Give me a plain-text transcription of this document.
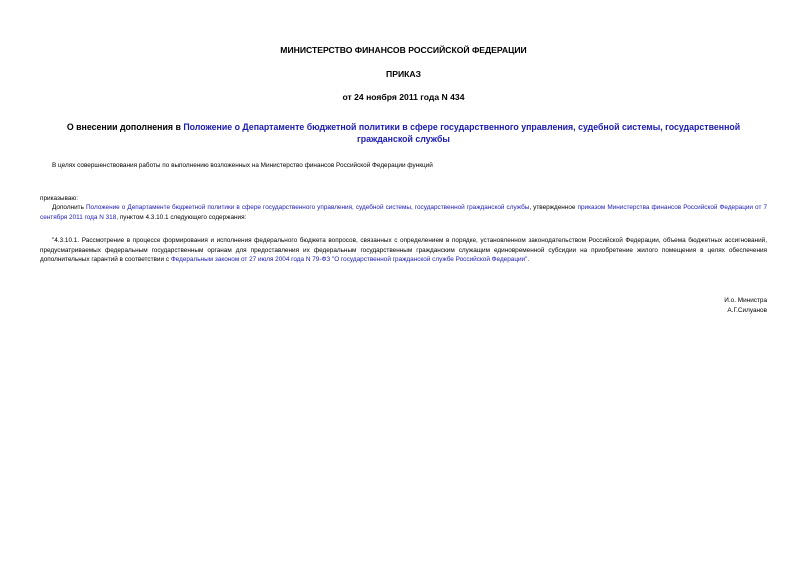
МИНИСТЕРСТВО ФИНАНСОВ РОССИЙСКОЙ ФЕДЕРАЦИИ
ПРИКАЗ
от 24 ноября 2011 года N 434
О внесении дополнения в Положение о Департаменте бюджетной политики в сфере государственного управления, судебной системы, государственной гражданской службы
В целях совершенствования работы по выполнению возложенных на Министерство финансов Российской Федерации функций
приказываю:
Дополнить Положение о Департаменте бюджетной политики в сфере государственного управления, судебной системы, государственной гражданской службы, утвержденное приказом Министерства финансов Российской Федерации от 7 сентября 2011 года N 318, пунктом 4.3.10.1 следующего содержания:
"4.3.10.1. Рассмотрение в процессе формирования и исполнения федерального бюджета вопросов, связанных с определением в порядке, установленном законодательством Российской Федерации, объема бюджетных ассигнований, предусматриваемых федеральным государственным органам для предоставления их федеральным государственным гражданским служащим единовременной субсидии на приобретение жилого помещения в целях обеспечения дополнительных гарантий в соответствии с Федеральным законом от 27 июля 2004 года N 79-ФЗ "О государственной гражданской службе Российской Федерации".
И.о. Министра
А.Г.Силуанов
